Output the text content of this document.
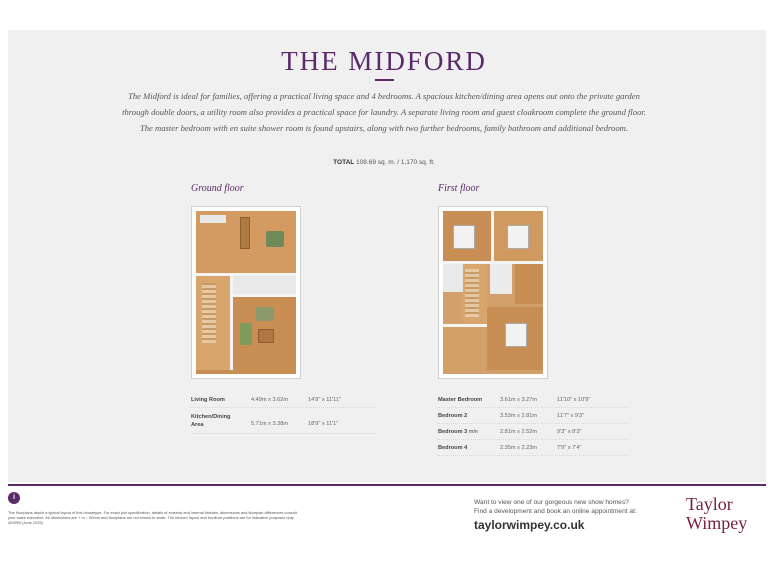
THE MIDFORD
The Midford is ideal for families, offering a practical living space and 4 bedrooms. A spacious kitchen/dining area opens out onto the private garden
through double doors, a utility room also provides a practical space for laundry. A separate living room and guest cloakroom complete the ground floor.
The master bedroom with en suite shower room is found upstairs, along with two further bedrooms, family bathroom and additional bedroom.
TOTAL 108.69 sq. m. / 1,170 sq. ft.
Ground floor
Living Room	4.49m x 3.62m	14'9" x 11'11"
Kitchen/Dining Area	5.71m x 3.38m	18'9" x 11'1"
First floor
Master Bedroom	3.61m x 3.27m	11'10" x 10'9"
Bedroom 2	3.53m x 2.81m	11'7" x 9'3"
Bedroom 3 min	2.81m x 2.52m	9'3" x 8'3"
Bedroom 4	2.35m x 2.23m	7'9" x 7'4"
i
The floorplans depict a typical layout of this housetype. For exact plot specification, details of external and internal finishes, dimensions and floorplan differences consult your sales executive. All dimensions are + or – 50mm and floorplans are not shown to scale. The kitchen layout and furniture positions are for indicative purposes only. 429990 (June 2025)
Want to view one of our gorgeous new show homes?
Find a development and book an online appointment at:
taylorwimpey.co.uk
Taylor
Wimpey
